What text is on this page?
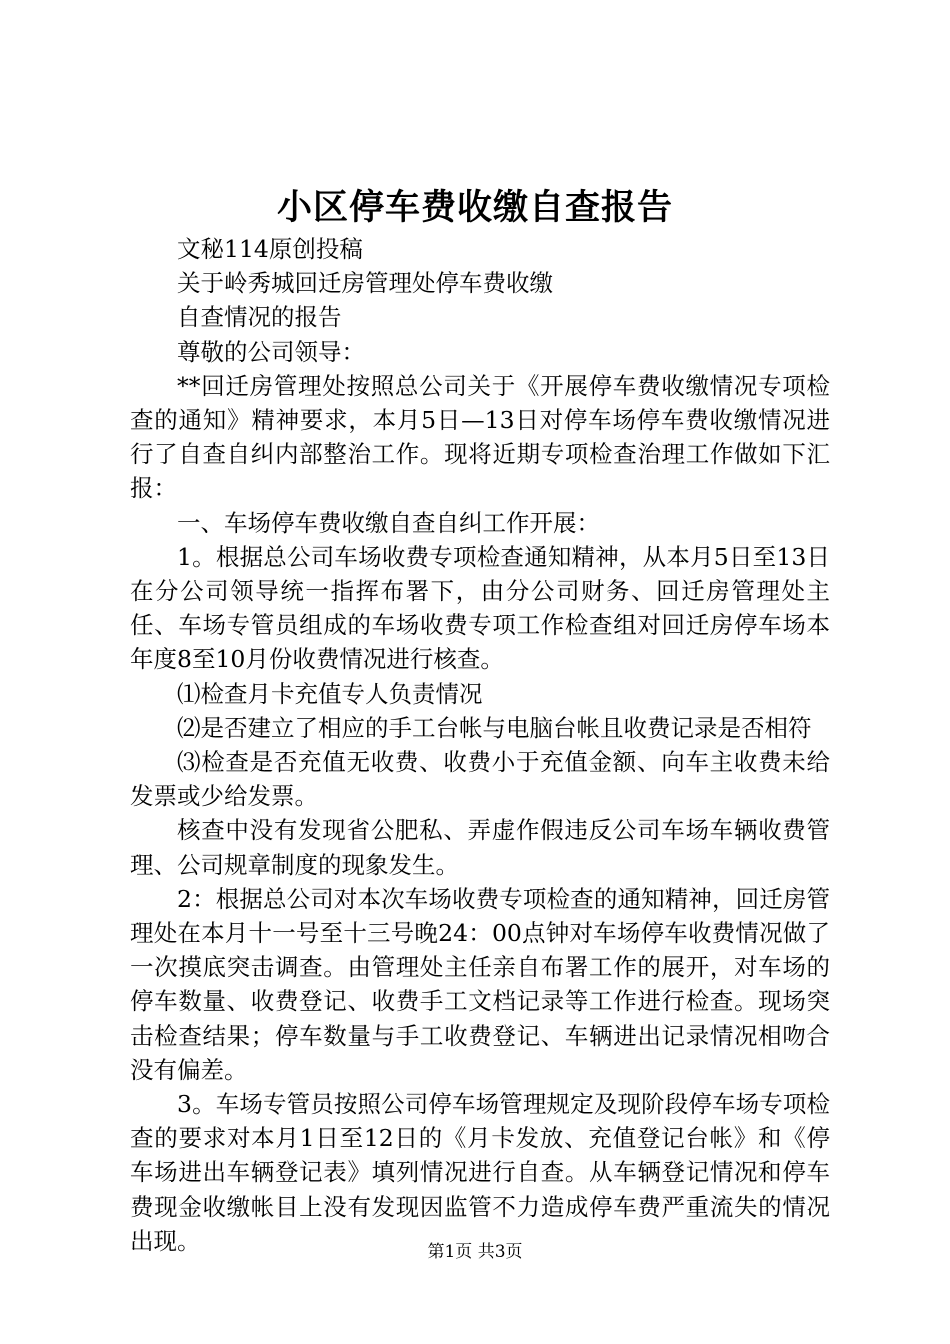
小区停车费收缴自查报告

文秘114原创投稿

关于岭秀城回迁房管理处停车费收缴

自查情况的报告

尊敬的公司领导：

**回迁房管理处按照总公司关于《开展停车费收缴情况专项检查的通知》精神要求，本月5日—13日对停车场停车费收缴情况进行了自查自纠内部整治工作。现将近期专项检查治理工作做如下汇报：

一、车场停车费收缴自查自纠工作开展：

1。根据总公司车场收费专项检查通知精神，从本月5日至13日在分公司领导统一指挥布署下，由分公司财务、回迁房管理处主任、车场专管员组成的车场收费专项工作检查组对回迁房停车场本年度8至10月份收费情况进行核查。

⑴检查月卡充值专人负责情况

⑵是否建立了相应的手工台帐与电脑台帐且收费记录是否相符

⑶检查是否充值无收费、收费小于充值金额、向车主收费未给发票或少给发票。

核查中没有发现省公肥私、弄虚作假违反公司车场车辆收费管理、公司规章制度的现象发生。

2：根据总公司对本次车场收费专项检查的通知精神，回迁房管理处在本月十一号至十三号晚24：00点钟对车场停车收费情况做了一次摸底突击调查。由管理处主任亲自布署工作的展开，对车场的停车数量、收费登记、收费手工文档记录等工作进行检查。现场突击检查结果；停车数量与手工收费登记、车辆进出记录情况相吻合没有偏差。

3。车场专管员按照公司停车场管理规定及现阶段停车场专项检查的要求对本月1日至12日的《月卡发放、充值登记台帐》和《停车场进出车辆登记表》填列情况进行自查。从车辆登记情况和停车费现金收缴帐目上没有发现因监管不力造成停车费严重流失的情况出现。	第1页 共3页
